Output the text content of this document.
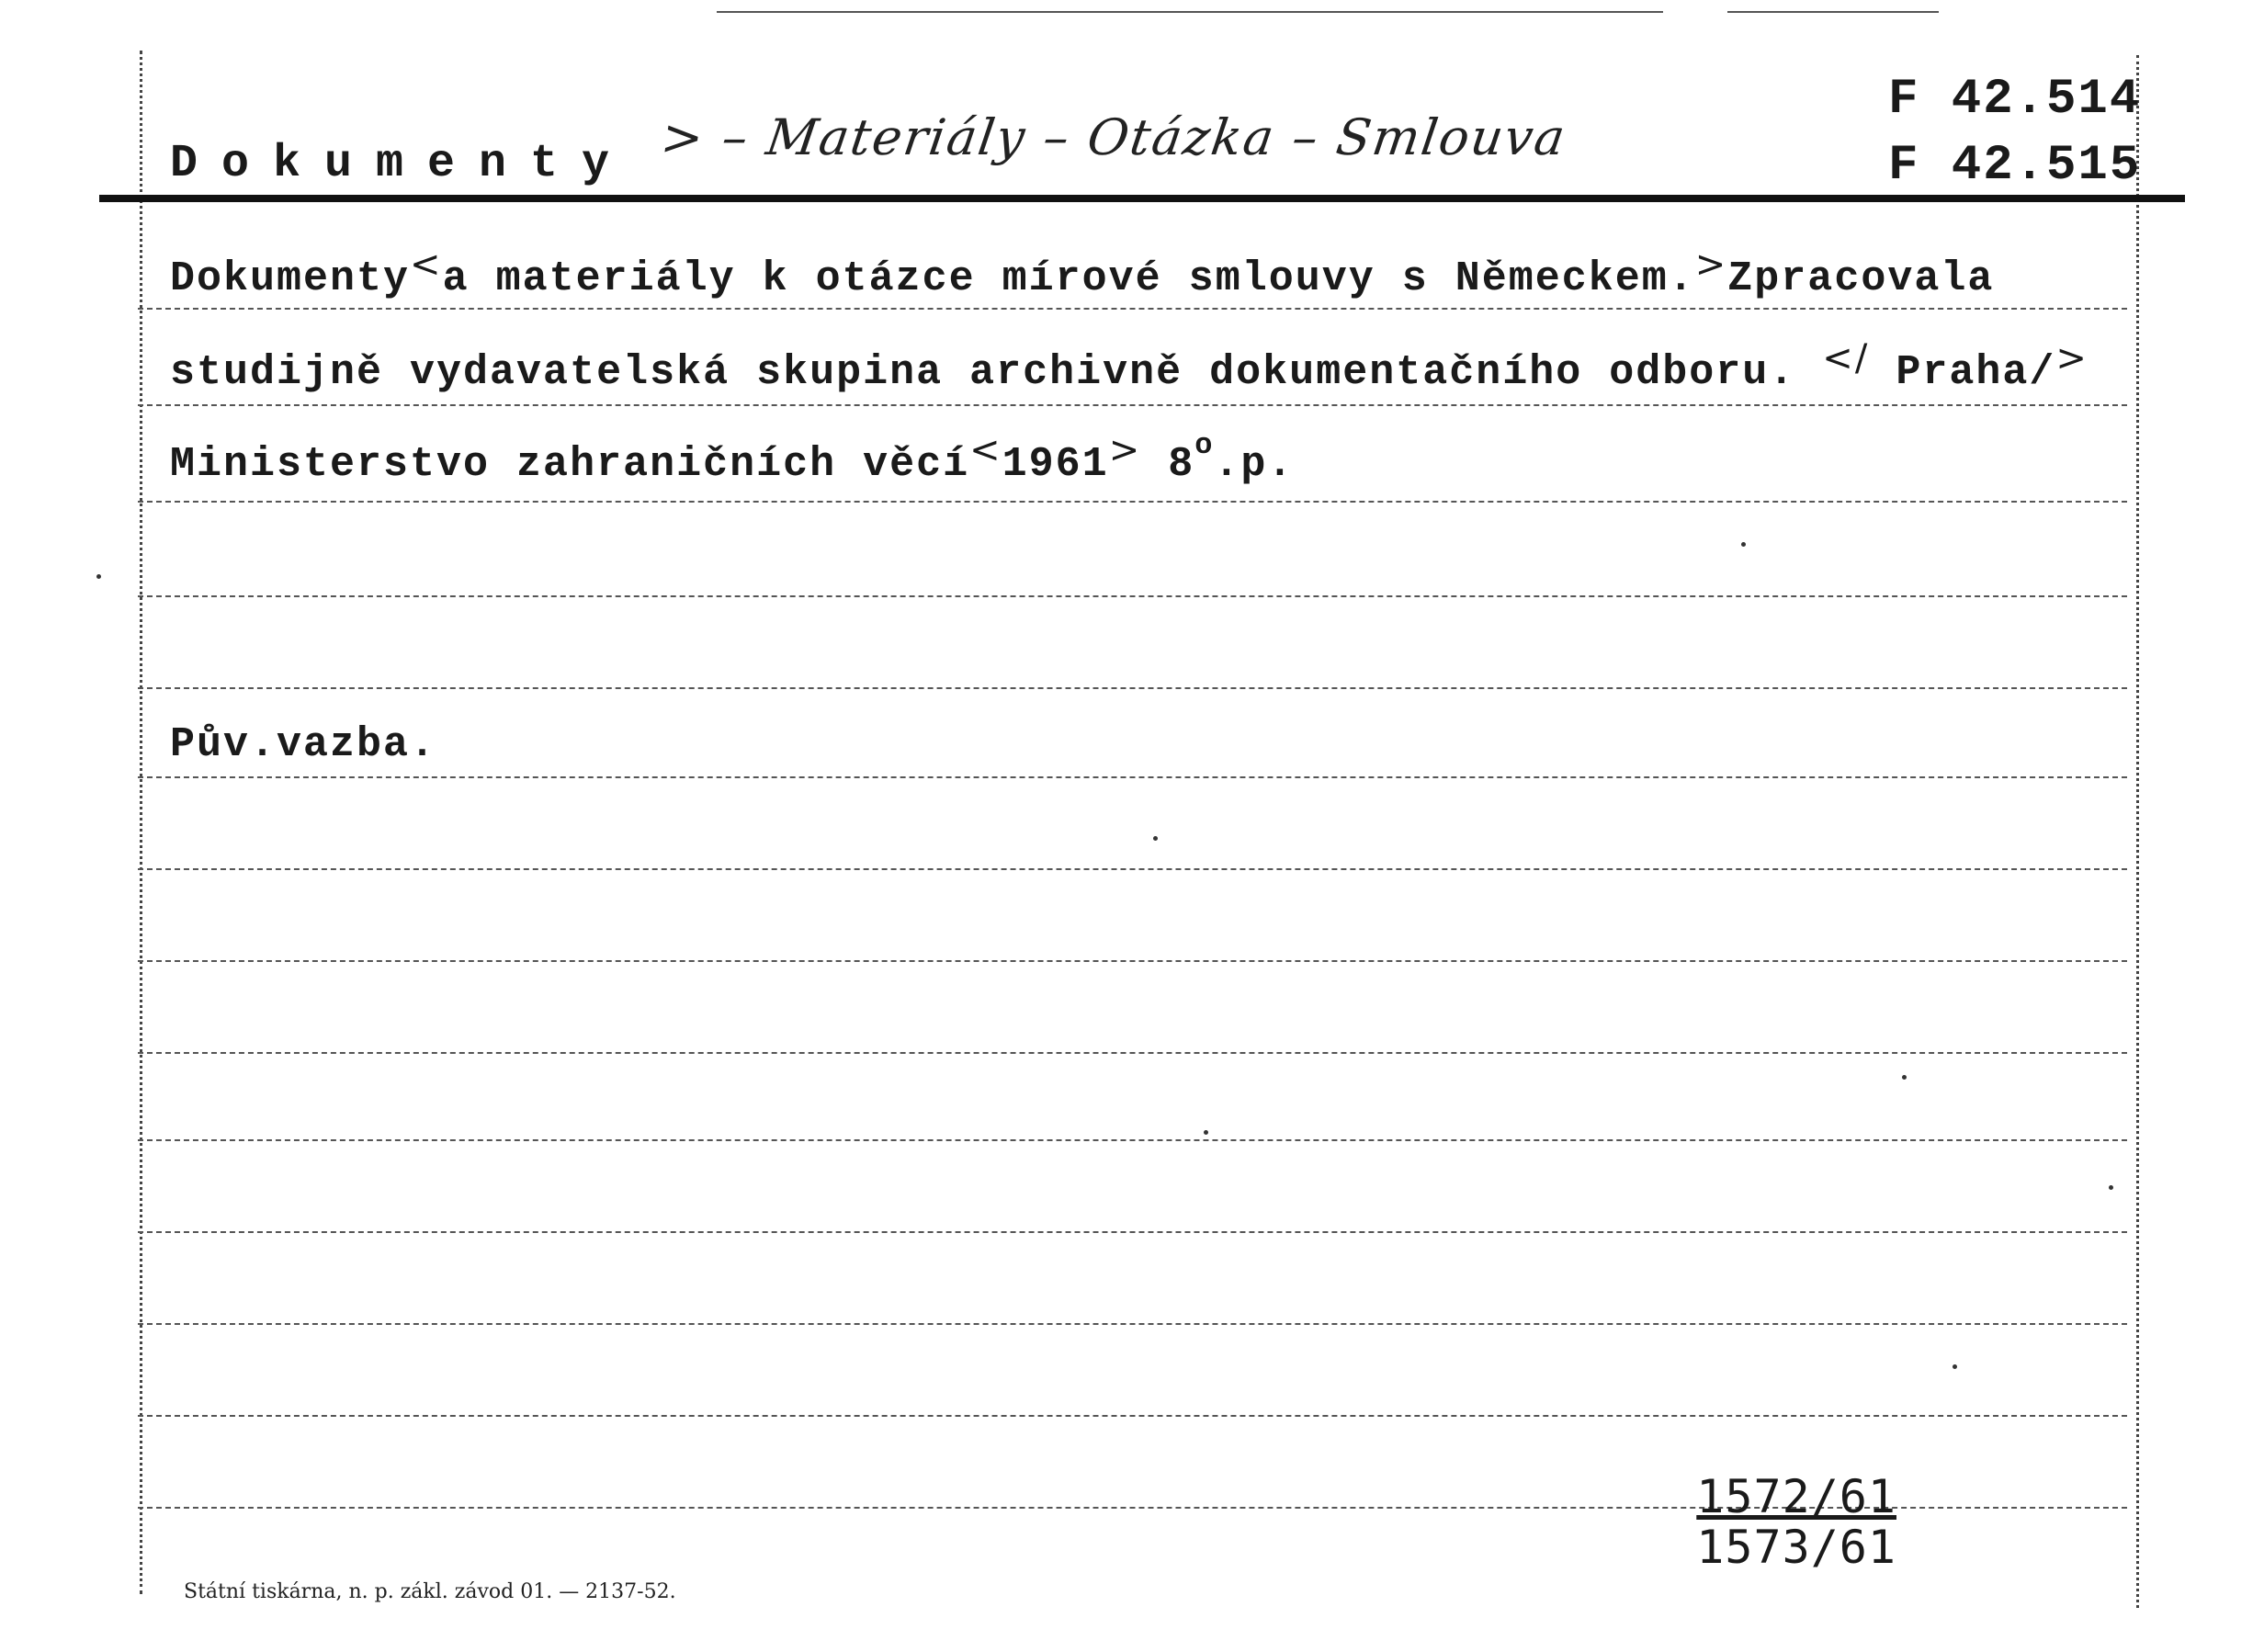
Dokumenty > – Materiály – Otázka – Smlouva
F 42.514
F 42.515
Dokumenty<a materiály k otázce mírové smlouvy s Německem.>Zpracovala
studijně vydavatelská skupina archivně dokumentačního odboru. </ Praha/>
Ministerstvo zahraničních věcí<1961> $8^o.p$.
Pův.vazba.
1572/61
1573/61
Státní tiskárna, n. p. zákl. závod 01. — 2137-52.
